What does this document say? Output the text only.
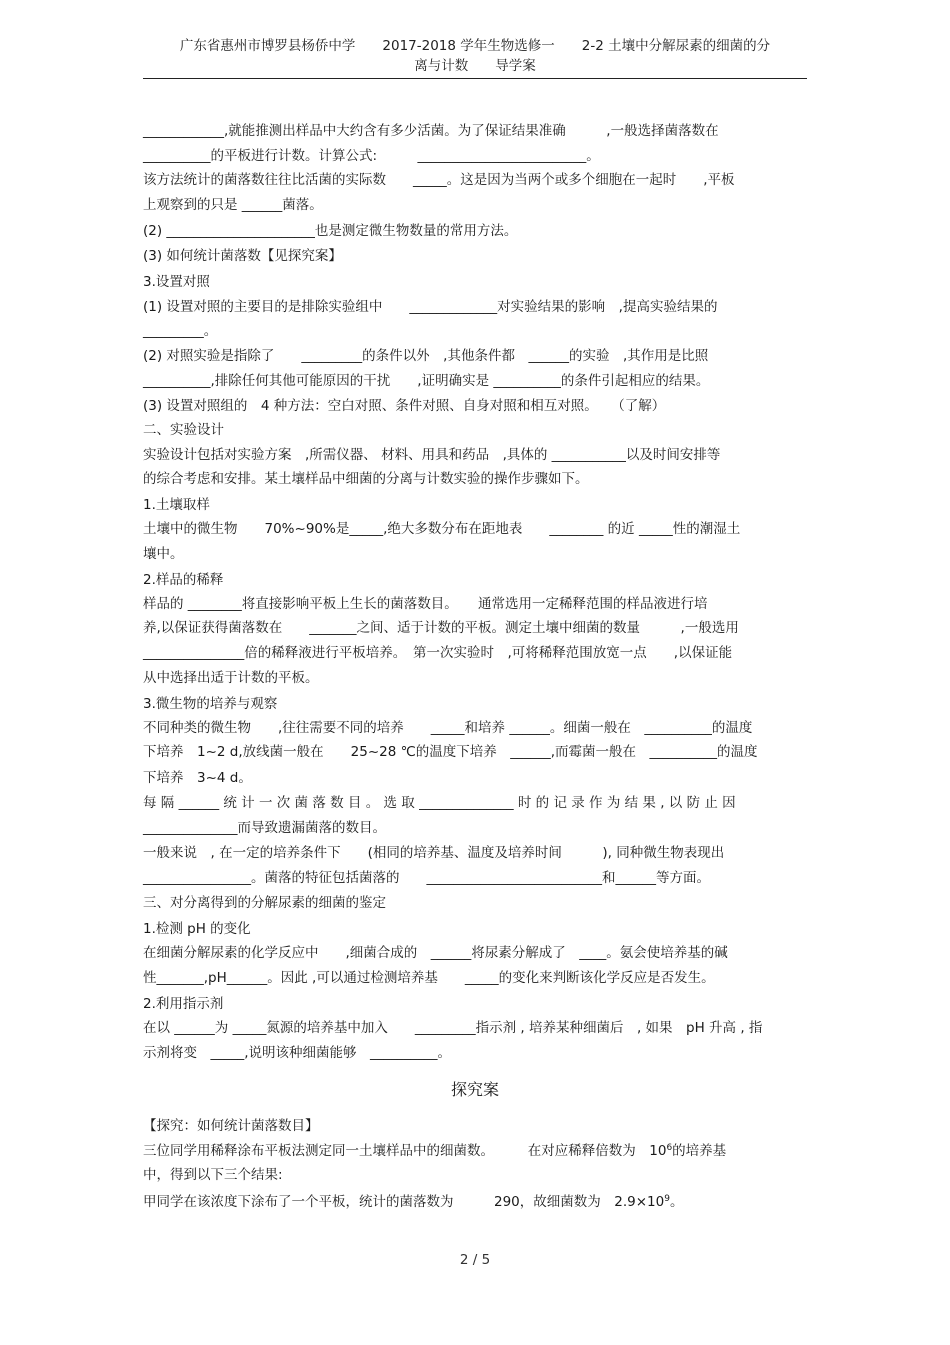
广东省惠州市博罗县杨侨中学　　2017-2018 学年生物选修一　　2-2 土壤中分解尿素的细菌的分
离与计数　　导学案
____________,就能推测出样品中大约含有多少活菌。为了保证结果准确　　　,一般选择菌落数在
__________的平板进行计数。计算公式:　　　_________________________。
该方法统计的菌落数往往比活菌的实际数　　_____。这是因为当两个或多个细胞在一起时　　,平板
上观察到的只是 ______菌落。
(2) ______________________也是测定微生物数量的常用方法。
(3) 如何统计菌落数【见探究案】
3.设置对照
(1) 设置对照的主要目的是排除实验组中　　_____________对实验结果的影响　,提高实验结果的
_________。
(2) 对照实验是指除了　　_________的条件以外　,其他条件都　______的实验　,其作用是比照
__________,排除任何其他可能原因的干扰　　,证明确实是 __________的条件引起相应的结果。
(3) 设置对照组的　4 种方法：空白对照、条件对照、自身对照和相互对照。　　（了解）
二、实验设计
实验设计包括对实验方案　,所需仪器、 材料、用具和药品　,具体的 ___________以及时间安排等
的综合考虑和安排。某土壤样品中细菌的分离与计数实验的操作步骤如下。
1.土壤取样
土壤中的微生物　　70%~90%是_____,绝大多数分布在距地表　　________ 的近 _____性的潮湿土
壤中。
2.样品的稀释
样品的 ________将直接影响平板上生长的菌落数目。　　通常选用一定稀释范围的样品液进行培
养,以保证获得菌落数在　　_______之间、适于计数的平板。测定土壤中细菌的数量　　　,一般选用
_______________倍的稀释液进行平板培养。　第一次实验时　,可将稀释范围放宽一点　　,以保证能
从中选择出适于计数的平板。
3.微生物的培养与观察
不同种类的微生物　　,往往需要不同的培养　　_____和培养 ______。细菌一般在　__________的温度
下培养　1~2 d,放线菌一般在　　25~28 ℃的温度下培养　______,而霉菌一般在　__________的温度
下培养　3~4 d。
每 隔 ______ 统 计 一 次 菌 落 数 目 。 选 取 ______________ 时 的 记 录 作 为 结 果 , 以 防 止 因
______________而导致遗漏菌落的数目。
一般来说　, 在一定的培养条件下　　(相同的培养基、温度及培养时间　　　), 同种微生物表现出
________________。菌落的特征包括菌落的　　__________________________和______等方面。
三、对分离得到的分解尿素的细菌的鉴定
1.检测 pH 的变化
在细菌分解尿素的化学反应中　　,细菌合成的　______将尿素分解成了　____。氨会使培养基的碱
性_______,pH______。因此 ,可以通过检测培养基　　_____的变化来判断该化学反应是否发生。
2.利用指示剂
在以 ______为 _____氮源的培养基中加入　　_________指示剂 , 培养某种细菌后　, 如果　pH 升高 , 指
示剂将变　_____,说明该种细菌能够　__________。
探究案
【探究：如何统计菌落数目】
三位同学用稀释涂布平板法测定同一土壤样品中的细菌数。　　　在对应稀释倍数为　$10^6$的培养基
中，得到以下三个结果:
甲同学在该浓度下涂布了一个平板，统计的菌落数为　　　290，故细菌数为　$2.9\times 10^9$。
2 / 5
